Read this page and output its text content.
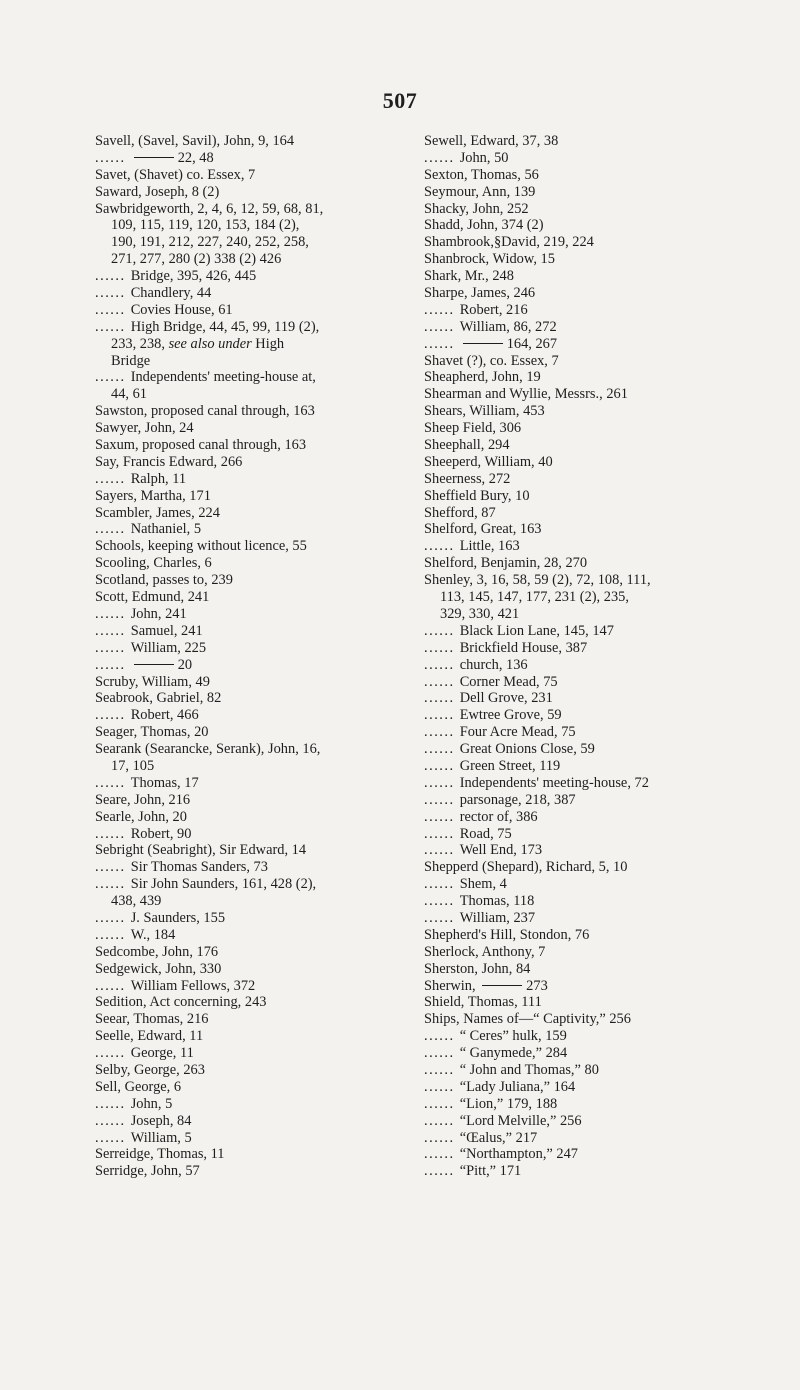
507
Savell, (Savel, Savil), John, 9, 164
......	22, 48
Savet, (Shavet) co. Essex, 7
Saward, Joseph, 8 (2)
Sawbridgeworth, 2, 4, 6, 12, 59, 68, 81,
109, 115, 119, 120, 153, 184 (2),
190, 191, 212, 227, 240, 252, 258,
271, 277, 280 (2) 338 (2) 426
...... Bridge, 395, 426, 445
...... Chandlery, 44
...... Covies House, 61
...... High Bridge, 44, 45, 99, 119 (2),
233, 238, see also under High
Bridge
...... Independents' meeting-house at,
44, 61
Sawston, proposed canal through, 163
Sawyer, John, 24
Saxum, proposed canal through, 163
Say, Francis Edward, 266
...... Ralph, 11
Sayers, Martha, 171
Scambler, James, 224
...... Nathaniel, 5
Schools, keeping without licence, 55
Scooling, Charles, 6
Scotland, passes to, 239
Scott, Edmund, 241
...... John, 241
...... Samuel, 241
...... William, 225
......	20
Scruby, William, 49
Seabrook, Gabriel, 82
...... Robert, 466
Seager, Thomas, 20
Searank (Searancke, Serank), John, 16,
17, 105
...... Thomas, 17
Seare, John, 216
Searle, John, 20
...... Robert, 90
Sebright (Seabright), Sir Edward, 14
...... Sir Thomas Sanders, 73
...... Sir John Saunders, 161, 428 (2),
438, 439
...... J. Saunders, 155
...... W., 184
Sedcombe, John, 176
Sedgewick, John, 330
...... William Fellows, 372
Sedition, Act concerning, 243
Seear, Thomas, 216
Seelle, Edward, 11
...... George, 11
Selby, George, 263
Sell, George, 6
...... John, 5
...... Joseph, 84
...... William, 5
Serreidge, Thomas, 11
Serridge, John, 57
Sewell, Edward, 37, 38
...... John, 50
Sexton, Thomas, 56
Seymour, Ann, 139
Shacky, John, 252
Shadd, John, 374 (2)
Shambrook,§David, 219, 224
Shanbrock, Widow, 15
Shark, Mr., 248
Sharpe, James, 246
...... Robert, 216
...... William, 86, 272
......	164, 267
Shavet (?), co. Essex, 7
Sheapherd, John, 19
Shearman and Wyllie, Messrs., 261
Shears, William, 453
Sheep Field, 306
Sheephall, 294
Sheeperd, William, 40
Sheerness, 272
Sheffield Bury, 10
Shefford, 87
Shelford, Great, 163
...... Little, 163
Shelford, Benjamin, 28, 270
Shenley, 3, 16, 58, 59 (2), 72, 108, 111,
113, 145, 147, 177, 231 (2), 235,
329, 330, 421
...... Black Lion Lane, 145, 147
...... Brickfield House, 387
...... church, 136
...... Corner Mead, 75
...... Dell Grove, 231
...... Ewtree Grove, 59
...... Four Acre Mead, 75
...... Great Onions Close, 59
...... Green Street, 119
...... Independents' meeting-house, 72
...... parsonage, 218, 387
...... rector of, 386
...... Road, 75
...... Well End, 173
Shepperd (Shepard), Richard, 5, 10
...... Shem, 4
...... Thomas, 118
...... William, 237
Shepherd's Hill, Stondon, 76
Sherlock, Anthony, 7
Sherston, John, 84
Sherwin,	273
Shield, Thomas, 111
Ships, Names of—“ Captivity,” 256
...... “ Ceres” hulk, 159
...... “ Ganymede,” 284
...... “ John and Thomas,” 80
...... “Lady Juliana,” 164
...... “Lion,” 179, 188
...... “Lord Melville,” 256
...... “Œalus,” 217
...... “Northampton,” 247
...... “Pitt,” 171
